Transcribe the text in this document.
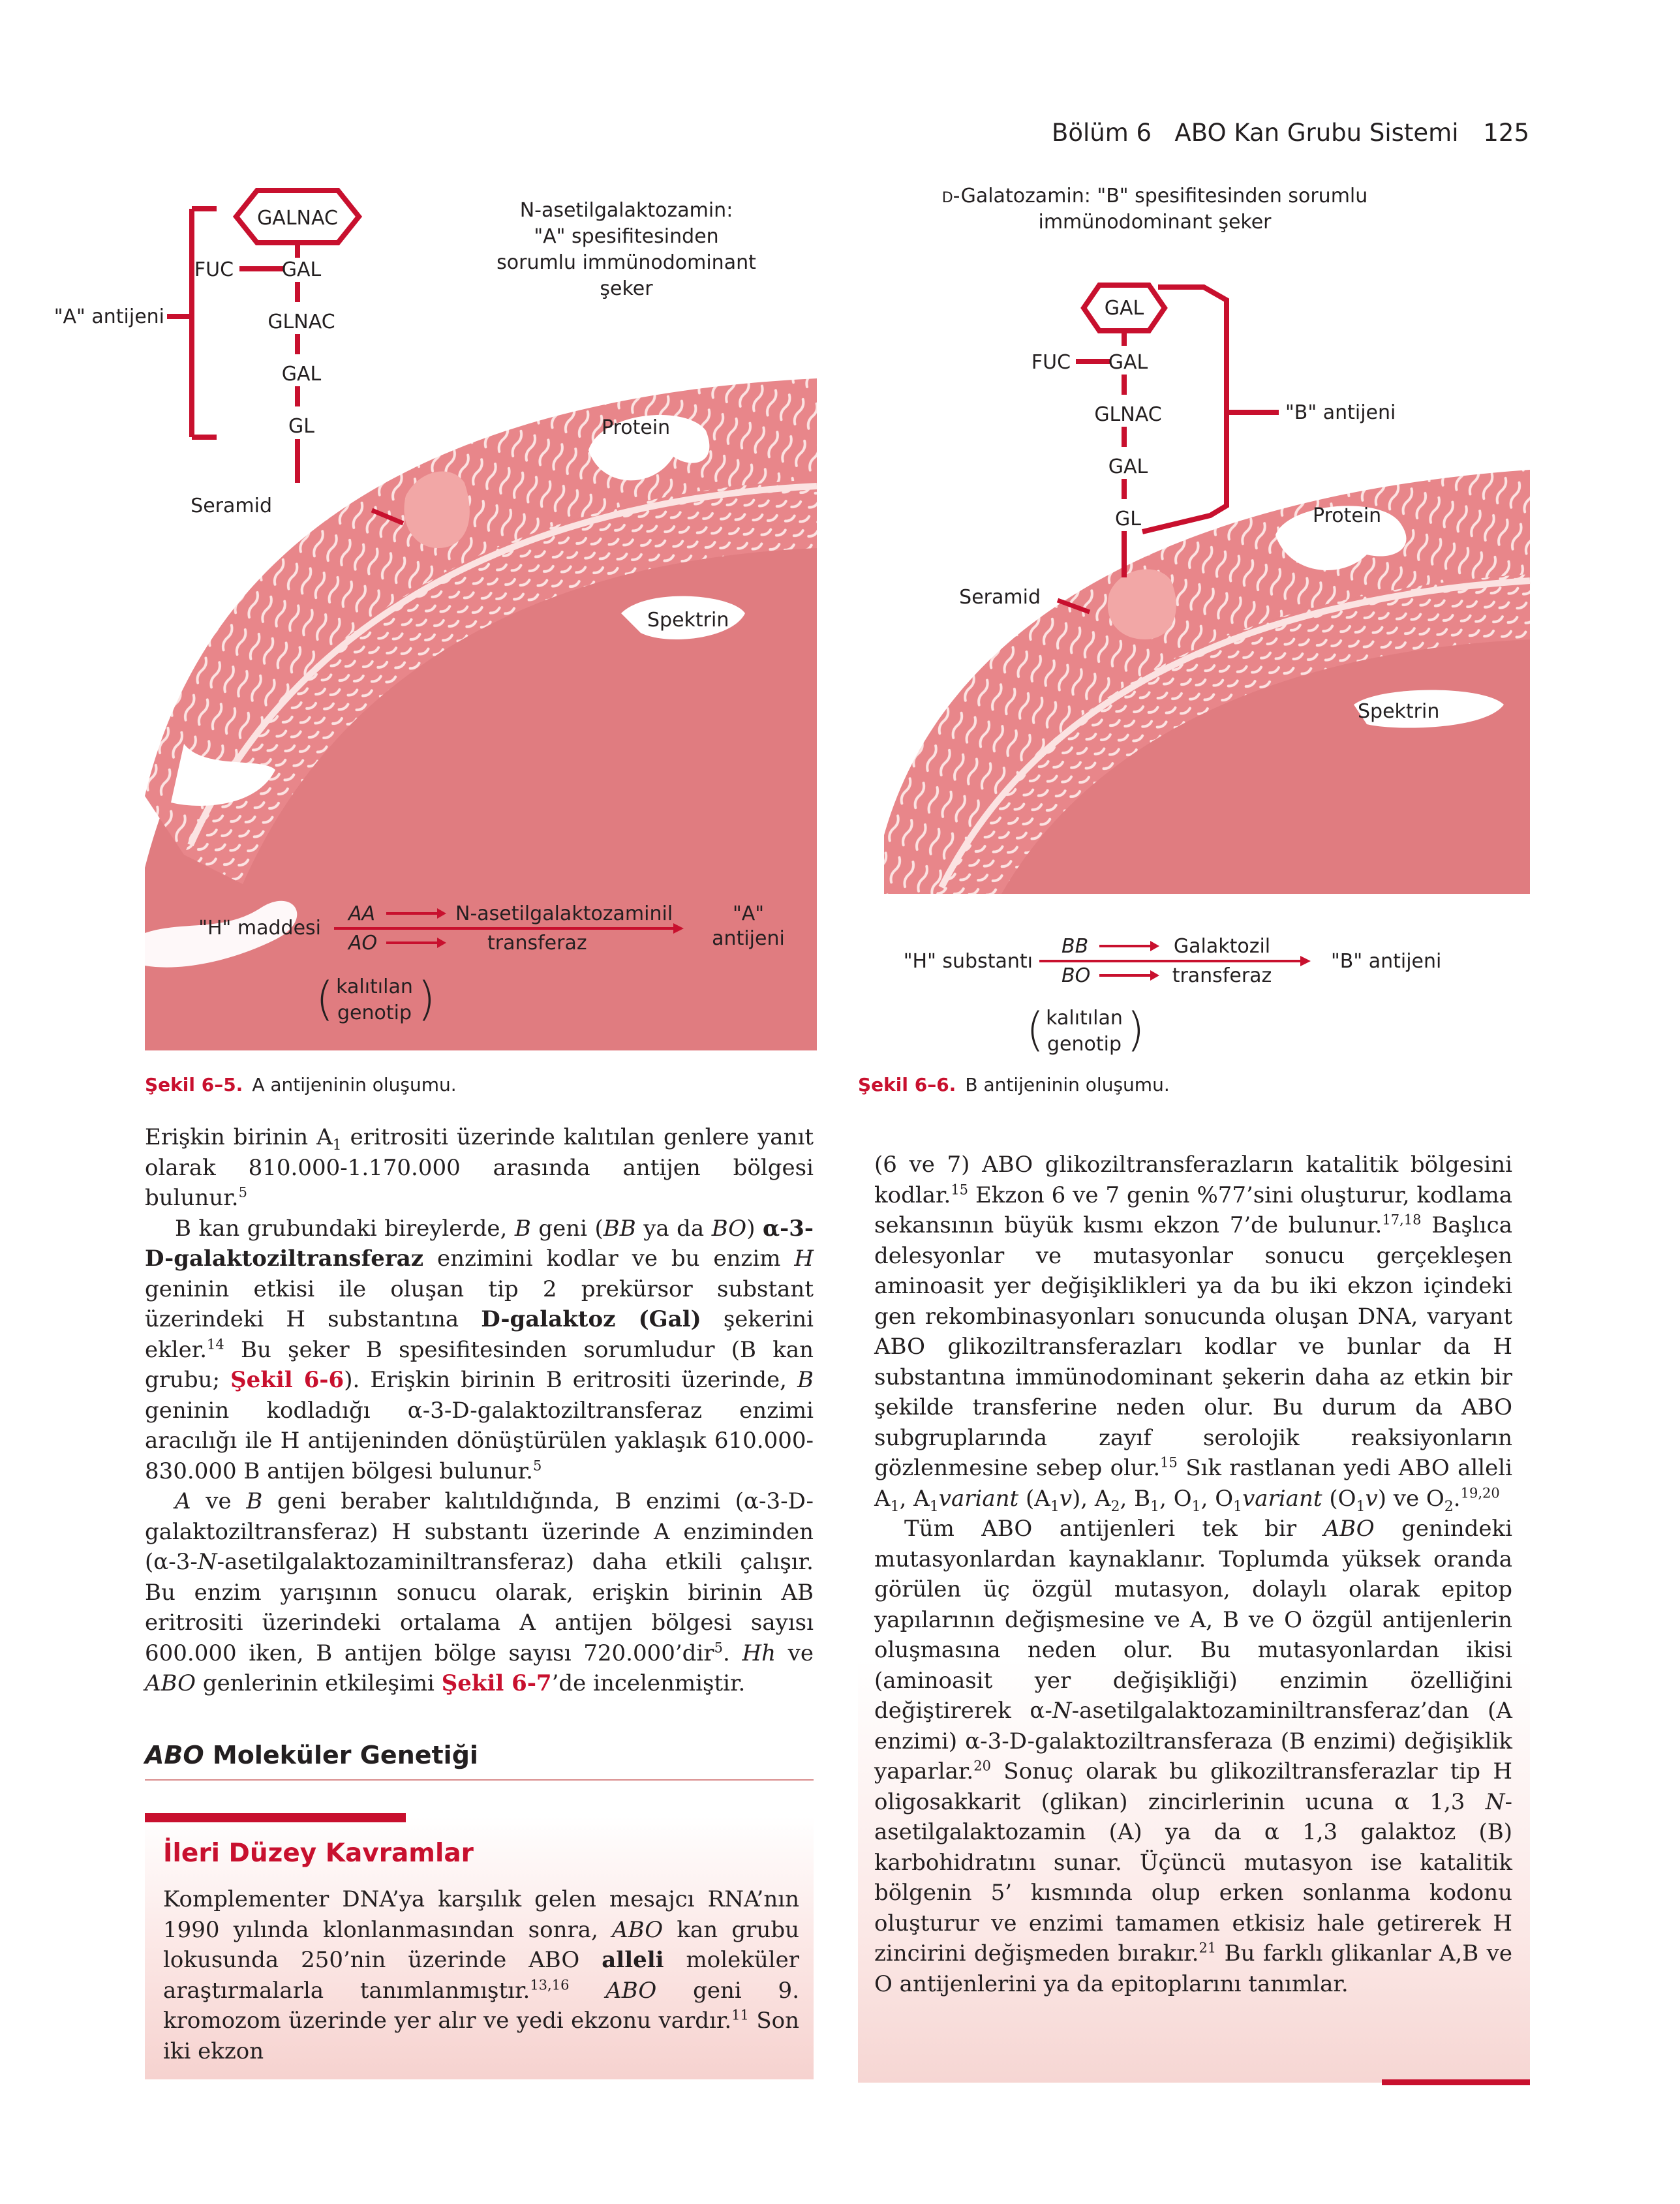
Bölüm 6 ABO Kan Grubu Sistemi 125
Protein
Spektrin
"A" antijeni
GALNAC
FUC GAL
GLNAC
GAL
GL
Seramid
N-asetilgalaktozamin:
"A" spesifitesinden
sorumlu immünodominant
şeker
"H" maddesi
AA
AO
N-asetilgalaktozaminil
transferaz
"A"
antijeni
( kalıtılan
genotip )
Şekil 6–5. A antijeninin oluşumu.
Protein
Spektrin
D-Galatozamin: "B" spesifitesinden sorumlu
immünodominant şeker
GAL
FUC GAL
GLNAC
GAL
GL
"B" antijeni
Seramid
"H" substantı
BB
BO
Galaktozil
transferaz
"B" antijeni
( kalıtılan
genotip )
Şekil 6–6. B antijeninin oluşumu.

Erişkin birinin $A_1$ eritrositi üzerinde kalıtılan genlere yanıt olarak 810.000-1.170.000 arasında antijen bölgesi bulunur.$^5$

B kan grubundaki bireylerde, B geni (BB ya da BO) α-3-D-galaktoziltransferaz enzimini kodlar ve bu enzim H geninin etkisi ile oluşan tip 2 prekürsor substant üzerindeki H substantına D-galaktoz (Gal) şekerini ekler.$^{14}$ Bu şeker B spesifitesinden sorumludur (B kan grubu; Şekil 6-6). Erişkin birinin B eritrositi üzerinde, B geninin kodladığı α-3-D-galaktoziltransferaz enzimi aracılığı ile H antijeninden dönüştürülen yaklaşık 610.000-830.000 B antijen bölgesi bulunur.$^5$

A ve B geni beraber kalıtıldığında, B enzimi (α-3-D-galaktoziltransferaz) H substantı üzerinde A enziminden (α-3-N-asetilgalaktozaminiltransferaz) daha etkili çalışır. Bu enzim yarışının sonucu olarak, erişkin birinin AB eritrositi üzerindeki ortalama A antijen bölgesi sayısı 600.000 iken, B antijen bölge sayısı 720.000’dir$^5$. Hh ve ABO genlerinin etkileşimi Şekil 6-7’de incelenmiştir.

ABO Moleküler Genetiği
İleri Düzey Kavramlar

Komplementer DNA’ya karşılık gelen mesajcı RNA’nın 1990 yılında klonlanmasından sonra, ABO kan grubu lokusunda 250’nin üzerinde ABO alleli moleküler araştırmalarla tanımlanmıştır.$^{13,16}$ ABO geni 9. kromozom üzerinde yer alır ve yedi ekzonu vardır.$^{11}$ Son iki ekzon

(6 ve 7) ABO glikoziltransferazların katalitik bölgesini kodlar.$^{15}$ Ekzon 6 ve 7 genin %77’sini oluşturur, kodlama sekansının büyük kısmı ekzon 7’de bulunur.$^{17,18}$ Başlıca delesyonlar ve mutasyonlar sonucu gerçekleşen aminoasit yer değişiklikleri ya da bu iki ekzon içindeki gen rekombinasyonları sonucunda oluşan DNA, varyant ABO glikoziltransferazları kodlar ve bunlar da H substantına immünodominant şekerin daha az etkin bir şekilde transferine neden olur. Bu durum da ABO subgruplarında zayıf serolojik reaksiyonların gözlenmesine sebep olur.$^{15}$ Sık rastlanan yedi ABO alleli $A_1$, $A_1variant$ $(A_1v)$, $A_2$, $B_1$, $O_1$, $O_1variant$ $(O_1v)$ ve $O_2.^{19,20}$

Tüm ABO antijenleri tek bir ABO genindeki mutasyonlardan kaynaklanır. Toplumda yüksek oranda görülen üç özgül mutasyon, dolaylı olarak epitop yapılarının değişmesine ve A, B ve O özgül antijenlerin oluşmasına neden olur. Bu mutasyonlardan ikisi (aminoasit yer değişikliği) enzimin özelliğini değiştirerek α-N-asetilgalaktozaminiltransferaz’dan (A enzimi) α-3-D-galaktoziltransferaza (B enzimi) değişiklik yaparlar.$^{20}$ Sonuç olarak bu glikoziltransferazlar tip H oligosakkarit (glikan) zincirlerinin ucuna α 1,3 N-asetilgalaktozamin (A) ya da α 1,3 galaktoz (B) karbohidratını sunar. Üçüncü mutasyon ise katalitik bölgenin 5’ kısmında olup erken sonlanma kodonu oluşturur ve enzimi tamamen etkisiz hale getirerek H zincirini değişmeden bırakır.$^{21}$ Bu farklı glikanlar A,B ve O antijenlerini ya da epitoplarını tanımlar.
